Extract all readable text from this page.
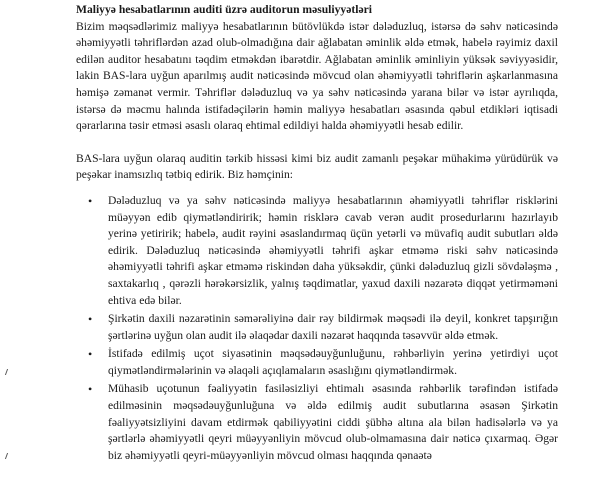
Maliyyə hesabatlarının auditi üzrə auditorun məsuliyyətləri

Bizim məqsədlərimiz maliyyə hesabatlarının bütövlükdə istər dələduzluq, istərsə də səhv nəticəsində əhəmiyyətli təhriflərdən azad olub-olmadığına dair ağlabatan əminlik əldə etmək, habelə rəyimiz daxil edilən auditor hesabatını təqdim etməkdən ibarətdir. Ağlabatan əminlik əminliyin yüksək səviyyəsidir, lakin BAS-lara uyğun aparılmış audit nəticəsində mövcud olan əhəmiyyətli təhriflərin aşkarlanmasına həmişə zəmanət vermir. Təhriflər dələduzluq və ya səhv nəticəsində yarana bilər və istər ayrılıqda, istərsə də məcmu halında istifadəçilərin həmin maliyyə hesabatları əsasında qəbul etdikləri iqtisadi qərarlarına təsir etməsi əsaslı olaraq ehtimal edildiyi halda əhəmiyyətli hesab edilir.

BAS-lara uyğun olaraq auditin tərkib hissəsi kimi biz audit zamanlı peşəkar mühakimə yürüdürük və peşəkar inamsızlıq tətbiq edirik. Biz həmçinin:

• Dələduzluq və ya səhv nəticəsində maliyyə hesabatlarının əhəmiyyətli təhriflər risklərini müəyyən edib qiymətləndiririk; həmin risklərə cavab verən audit prosedurlarını hazırlayıb yerinə yetiririk; habelə, audit rəyini əsaslandırmaq üçün yetərli və müvafiq audit subutları əldə edirik. Dələduzluq nəticəsində əhəmiyyətli təhrifi aşkar etməmə riski səhv nəticəsində əhəmiyyətli təhrifi aşkar etməmə riskindən daha yüksəkdir, çünki dələduzluq gizli sövdələşmə , saxtakarlıq , qərəzli hərəkərsizlik, yalnış təqdimatlar, yaxud daxili nəzarətə diqqət yetirməməni ehtiva edə bilər.
• Şirkətin daxili nəzarətinin səmərəliyinə dair rəy bildirmək məqsədi ilə deyil, konkret tapşırığın şərtlərinə uyğun olan audit ilə əlaqədar daxili nəzarət haqqında təsəvvür əldə etmək.
• İstifadə edilmiş uçot siyasətinin məqsədəuyğunluğunu, rəhbərliyin yerinə yetirdiyi uçot qiymətləndirmələrinin və əlaqəli açıqlamaların əsaslığını qiymətləndirmək.
• Mühasib uçotunun fəaliyyətin fasiləsizliyi ehtimalı əsasında rəhbərlik tərəfindən istifadə edilməsinin məqsədəuyğunluğuna və əldə edilmiş audit subutlarına əsasən Şirkətin fəaliyyətsizliyini davam etdirmək qabiliyyətini ciddi şübhə altına ala bilən hadisələrlə və ya şərtlərlə əhəmiyyətli qeyri müəyyənliyin mövcud olub-olmamasına dair nəticə çıxarmaq. Əgər biz əhəmiyyətli qeyri-müəyyənliyin mövcud olması haqqında qənaətə
